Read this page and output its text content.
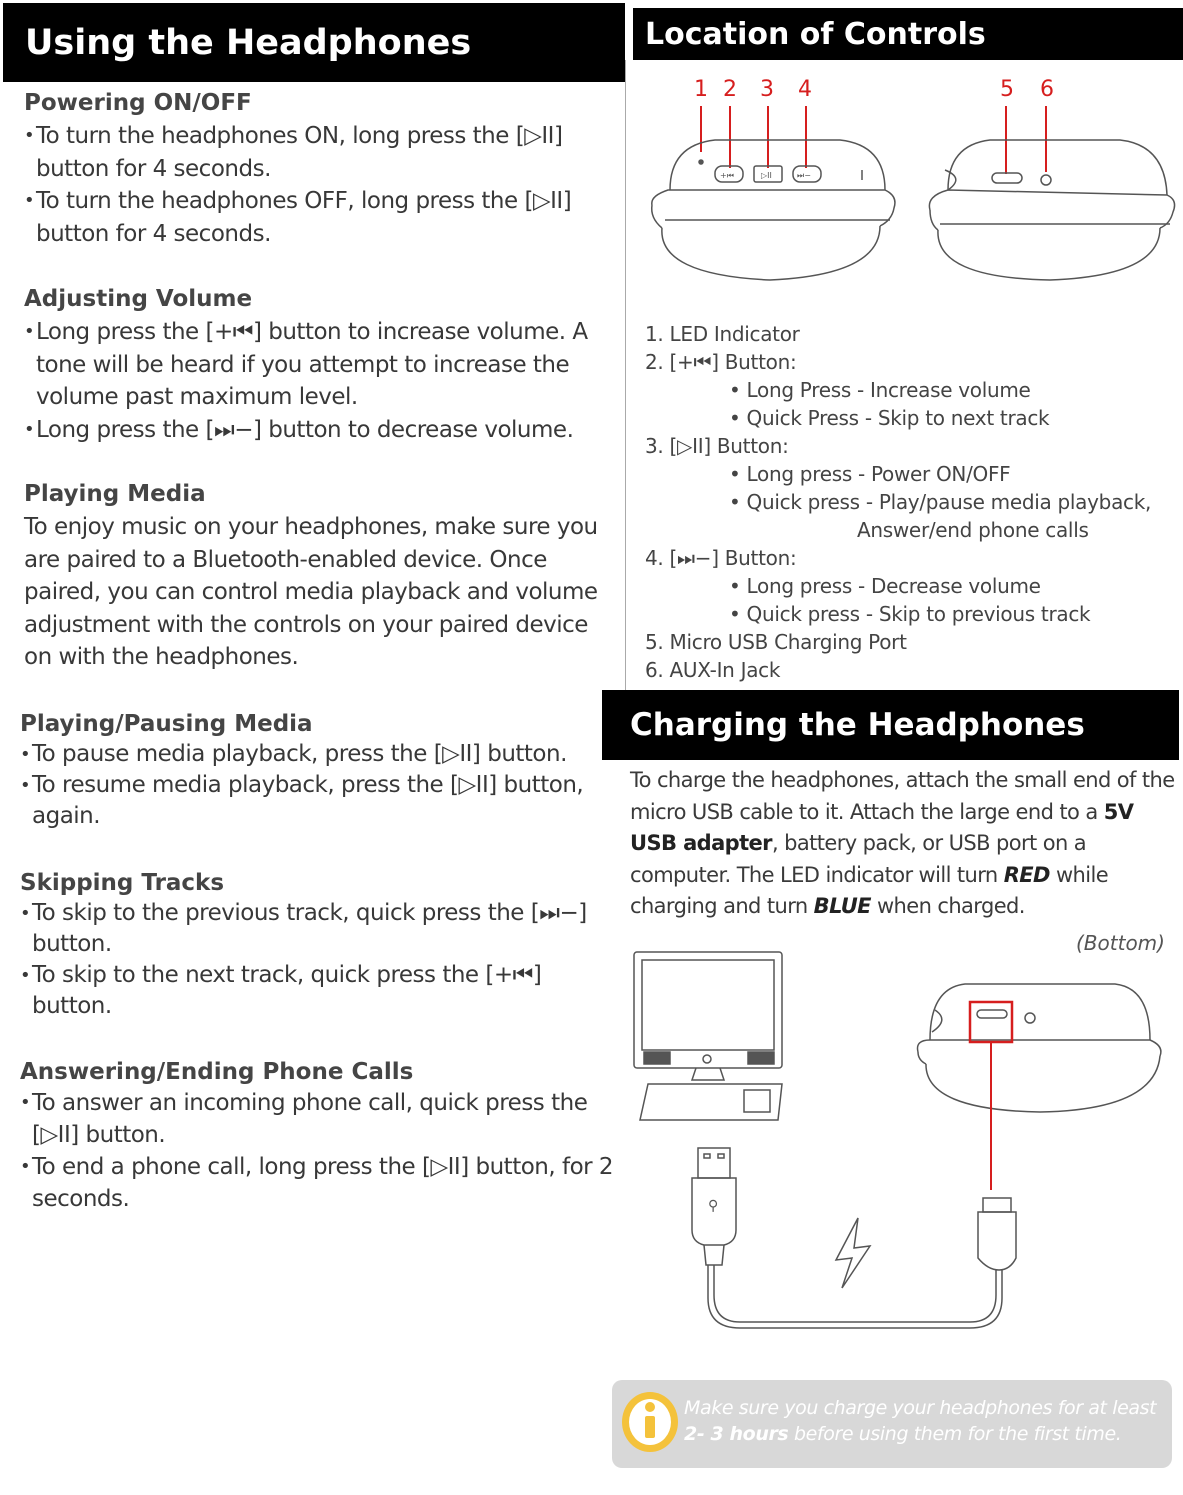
Using the Headphones	Location of Controls
Charging the Headphones
Powering ON/OFF
• To turn the headphones ON, long press the [▷II] button for 4 seconds.
• To turn the headphones OFF, long press the [▷II] button for 4 seconds.
Adjusting Volume
• Long press the [+⏮] button to increase volume. A tone will be heard if you attempt to increase the volume past maximum level.
• Long press the [⏭−] button to decrease volume.
Playing Media

To enjoy music on your headphones, make sure you are paired to a Bluetooth-enabled device. Once paired, you can control media playback and volume adjustment with the controls on your paired device on with the headphones.

Playing/Pausing Media
• To pause media playback, press the [▷II] button.
• To resume media playback, press the [▷II] button, again.
Skipping Tracks
• To skip to the previous track, quick press the [⏭−] button.
• To skip to the next track, quick press the [+⏮] button.
Answering/Ending Phone Calls
• To answer an incoming phone call, quick press the [▷II] button.
• To end a phone call, long press the [▷II] button, for 2 seconds.
1 2 3 4	5 6
+⏮	▷II	⏭−
1. LED Indicator
2. [+⏮] Button:
• Long Press - Increase volume
• Quick Press - Skip to next track
3. [▷II] Button:
• Long press - Power ON/OFF
• Quick press - Play/pause media playback,
Answer/end phone calls
4. [⏭−] Button:
• Long press - Decrease volume
• Quick press - Skip to previous track
5. Micro USB Charging Port
6. AUX-In Jack
To charge the headphones, attach the small end of the micro USB cable to it. Attach the large end to a 5V USB adapter, battery pack, or USB port on a computer. The LED indicator will turn RED while charging and turn BLUE when charged.
(Bottom)
⚲
Make sure you charge your headphones for at least 2- 3 hours before using them for the first time.
